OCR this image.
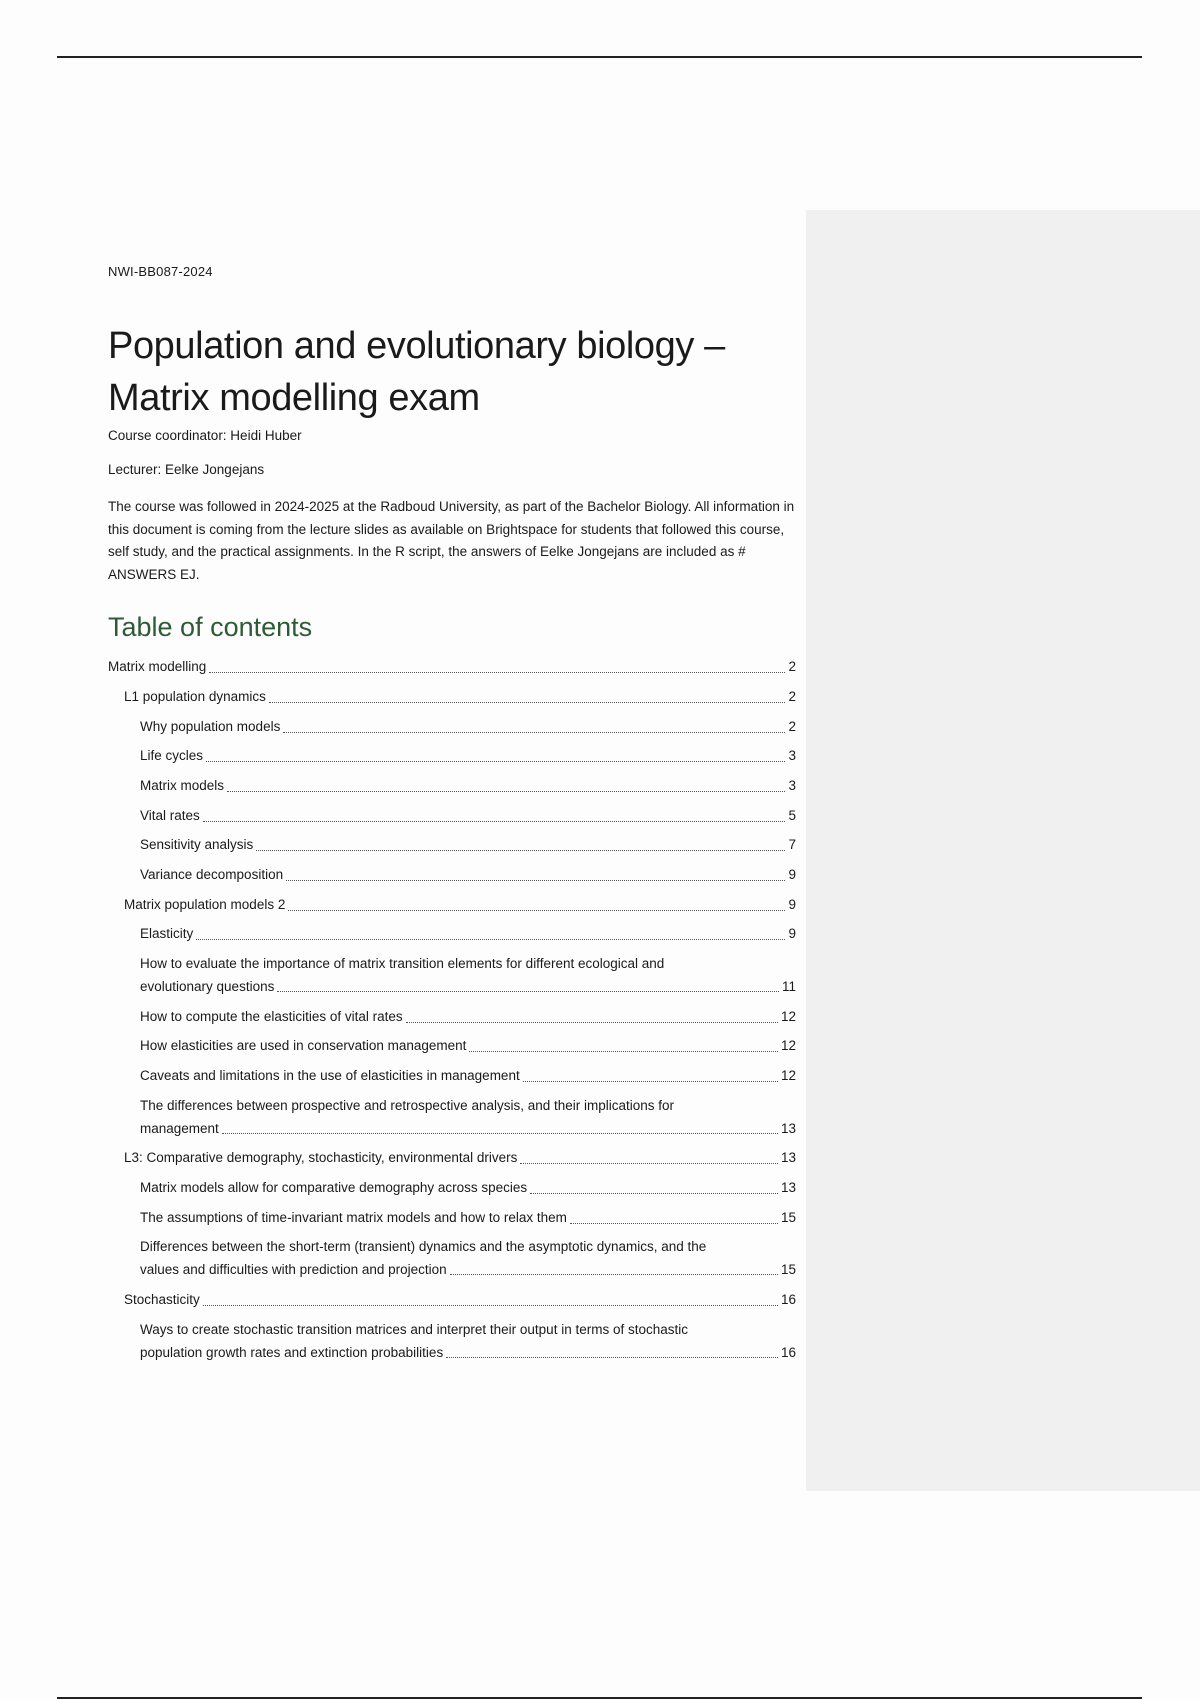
NWI-BB087-2024
Population and evolutionary biology –
Matrix modelling exam
Course coordinator: Heidi Huber
Lecturer: Eelke Jongejans

The course was followed in 2024-2025 at the Radboud University, as part of the Bachelor Biology. All information in this document is coming from the lecture slides as available on Brightspace for students that followed this course, self study, and the practical assignments. In the R script, the answers of Eelke Jongejans are included as # ANSWERS EJ.

Table of contents
Matrix modelling	2
L1 population dynamics	2
Why population models	2
Life cycles	3
Matrix models	3
Vital rates	5
Sensitivity analysis	7
Variance decomposition	9
Matrix population models 2	9
Elasticity	9
How to evaluate the importance of matrix transition elements for different ecological and
evolutionary questions	11
How to compute the elasticities of vital rates	12
How elasticities are used in conservation management	12
Caveats and limitations in the use of elasticities in management	12
The differences between prospective and retrospective analysis, and their implications for
management	13
L3: Comparative demography, stochasticity, environmental drivers	13
Matrix models allow for comparative demography across species	13
The assumptions of time-invariant matrix models and how to relax them	15
Differences between the short-term (transient) dynamics and the asymptotic dynamics, and the
values and difficulties with prediction and projection	15
Stochasticity	16
Ways to create stochastic transition matrices and interpret their output in terms of stochastic
population growth rates and extinction probabilities	16
